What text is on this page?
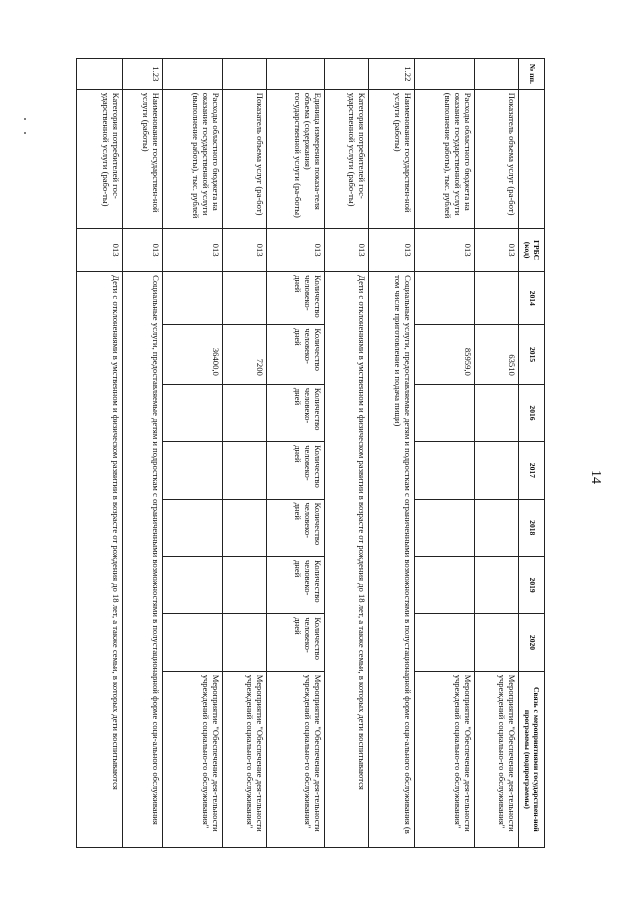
14
№ пп.		ГРБС (код)	2014	2015	2016	2017	2018	2019	2020	Связь с мероприятиями государствен-ной программы (подпрограммы)
	Показатель объема услуг (ра-бот)	013		63510						Мероприятие "Обеспечение дея-тельности учреждений социально-го обслуживания"
	Расходы областного бюджета на оказание государственной услуги (выполнение работы), тыс. рублей	013		85959,0						Мероприятие "Обеспечение дея-тельности учреждений социально-го обслуживания"
1.22	Наименование государствен-ной услуги (работы)	013	Социальные услуги, предоставляемые детям и подросткам с ограниченными возможностями в полустационарной форме соци-ального обслуживания (в том числе приготовление и подача пищи)							
	Категория потребителей гос-ударственной услуги (рабо-ты)	013	Дети с отклонениями в умственном и физическом развитии в возрасте от рождения до 18 лет, а также семьи, в которых дети воспитываются							
	Единица измерения показа-теля объема (содержания) государственной услуги (ра-боты)	013	Количество человеко-дней	Количество человеко-дней	Количество человеко-дней	Количество человеко-дней	Количество человеко-дней	Количество человеко-дней	Количество человеко-дней	Мероприятие "Обеспечение дея-тельности учреждений социально-го обслуживания"
	Показатель объема услуг (ра-бот)	013		7200						Мероприятие "Обеспечение дея-тельности учреждений социально-го обслуживания"
	Расходы областного бюджета на оказание государственной услуги (выполнение работы), тыс. рублей	013		36400,0						Мероприятие "Обеспечение дея-тельности учреждений социально-го обслуживания"
1.23	Наименование государствен-ной услуги (работы)	013	Социальные услуги, предоставляемые детям и подросткам с ограниченными возможностями в полустационарной форме соци-ального обслуживания							
	Категория потребителей гос-ударственной услуги (рабо-ты)	013	Дети с отклонениями в умственном и физическом развитии в возрасте от рождения до 18 лет, а также семьи, в которых дети воспитываются							
